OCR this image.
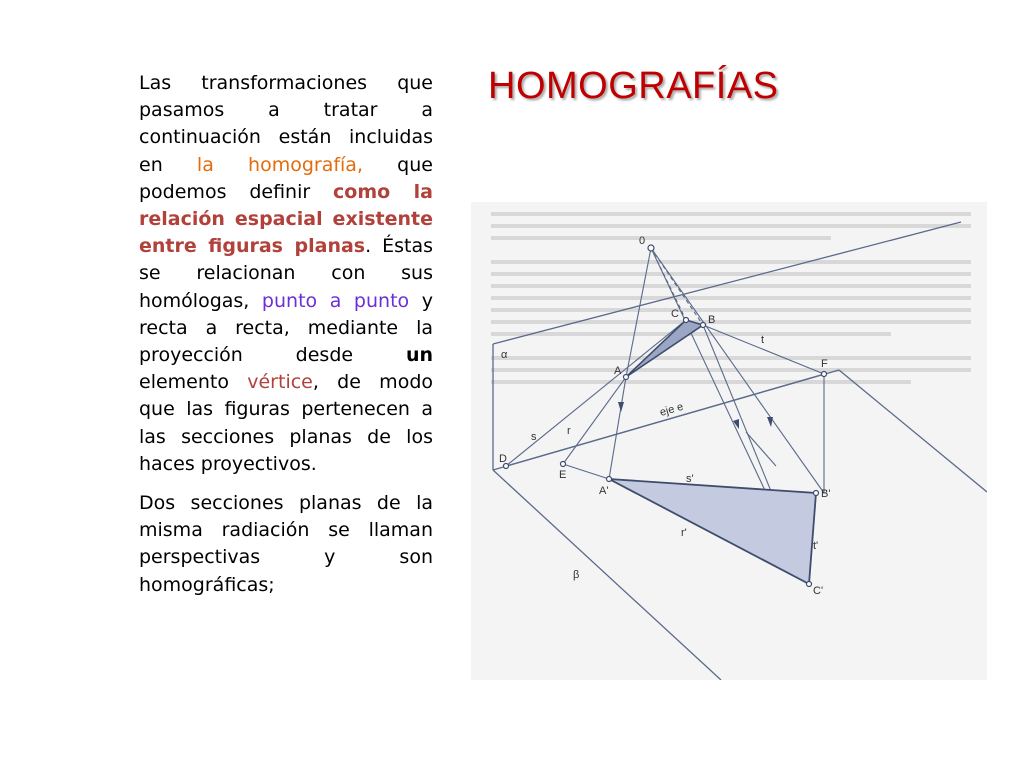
HOMOGRAFÍAS

Las transformaciones que pasamos a tratar a continuación están incluidas en la homografía, que podemos definir como la relación espacial existente entre figuras planas. Éstas se relacionan con sus homólogas, punto a punto y recta a recta, mediante la proyección desde un elemento vértice, de modo que las figuras pertenecen a las secciones planas de los haces proyectivos.

Dos secciones planas de la misma radiación se llaman perspectivas y son homográficas;

0
C	B
A
F
D
E
A'	B'
C'
s'
r'
t'
t
s	r
eje e
α
β
